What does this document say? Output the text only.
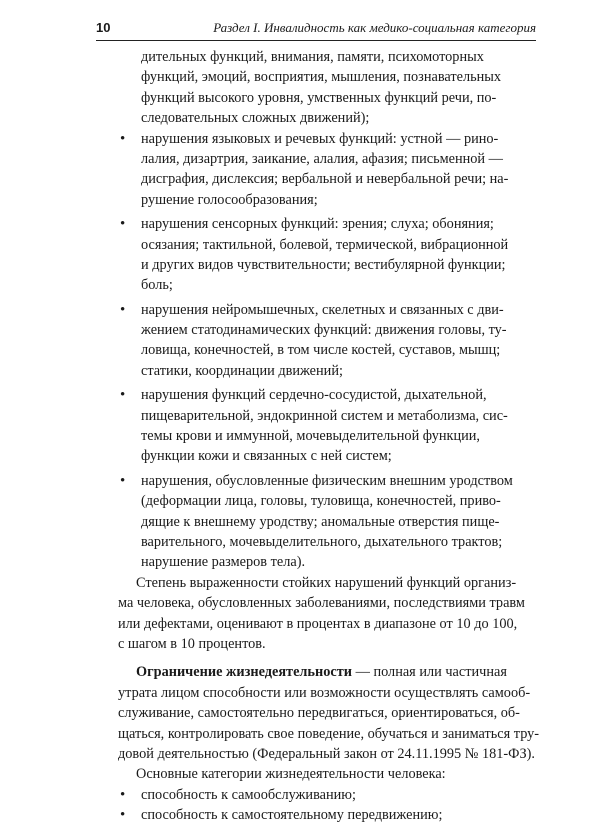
10	Раздел I. Инвалидность как медико-социальная категория
дительных функций, внимания, памяти, психомоторных
функций, эмоций, восприятия, мышления, познавательных
функций высокого уровня, умственных функций речи, по-
следовательных сложных движений);
• нарушения языковых и речевых функций: устной — рино-
лалия, дизартрия, заикание, алалия, афазия; письменной —
дисграфия, дислексия; вербальной и невербальной речи; на-
рушение голосообразования;
• нарушения сенсорных функций: зрения; слуха; обоняния;
осязания; тактильной, болевой, термической, вибрационной
и других видов чувствительности; вестибулярной функции;
боль;
• нарушения нейромышечных, скелетных и связанных с дви-
жением статодинамических функций: движения головы, ту-
ловища, конечностей, в том числе костей, суставов, мышц;
статики, координации движений;
• нарушения функций сердечно-сосудистой, дыхательной,
пищеварительной, эндокринной систем и метаболизма, сис-
темы крови и иммунной, мочевыделительной функции,
функции кожи и связанных с ней систем;
• нарушения, обусловленные физическим внешним уродством
(деформации лица, головы, туловища, конечностей, приво-
дящие к внешнему уродству; аномальные отверстия пище-
варительного, мочевыделительного, дыхательного трактов;
нарушение размеров тела).
Степень выраженности стойких нарушений функций организ-
ма человека, обусловленных заболеваниями, последствиями травм
или дефектами, оценивают в процентах в диапазоне от 10 до 100,
с шагом в 10 процентов.
Ограничение жизнедеятельности — полная или частичная
утрата лицом способности или возможности осуществлять самооб-
служивание, самостоятельно передвигаться, ориентироваться, об-
щаться, контролировать свое поведение, обучаться и заниматься тру-
довой деятельностью (Федеральный закон от 24.11.1995 № 181-ФЗ).
Основные категории жизнедеятельности человека:
• способность к самообслуживанию;
• способность к самостоятельному передвижению;
